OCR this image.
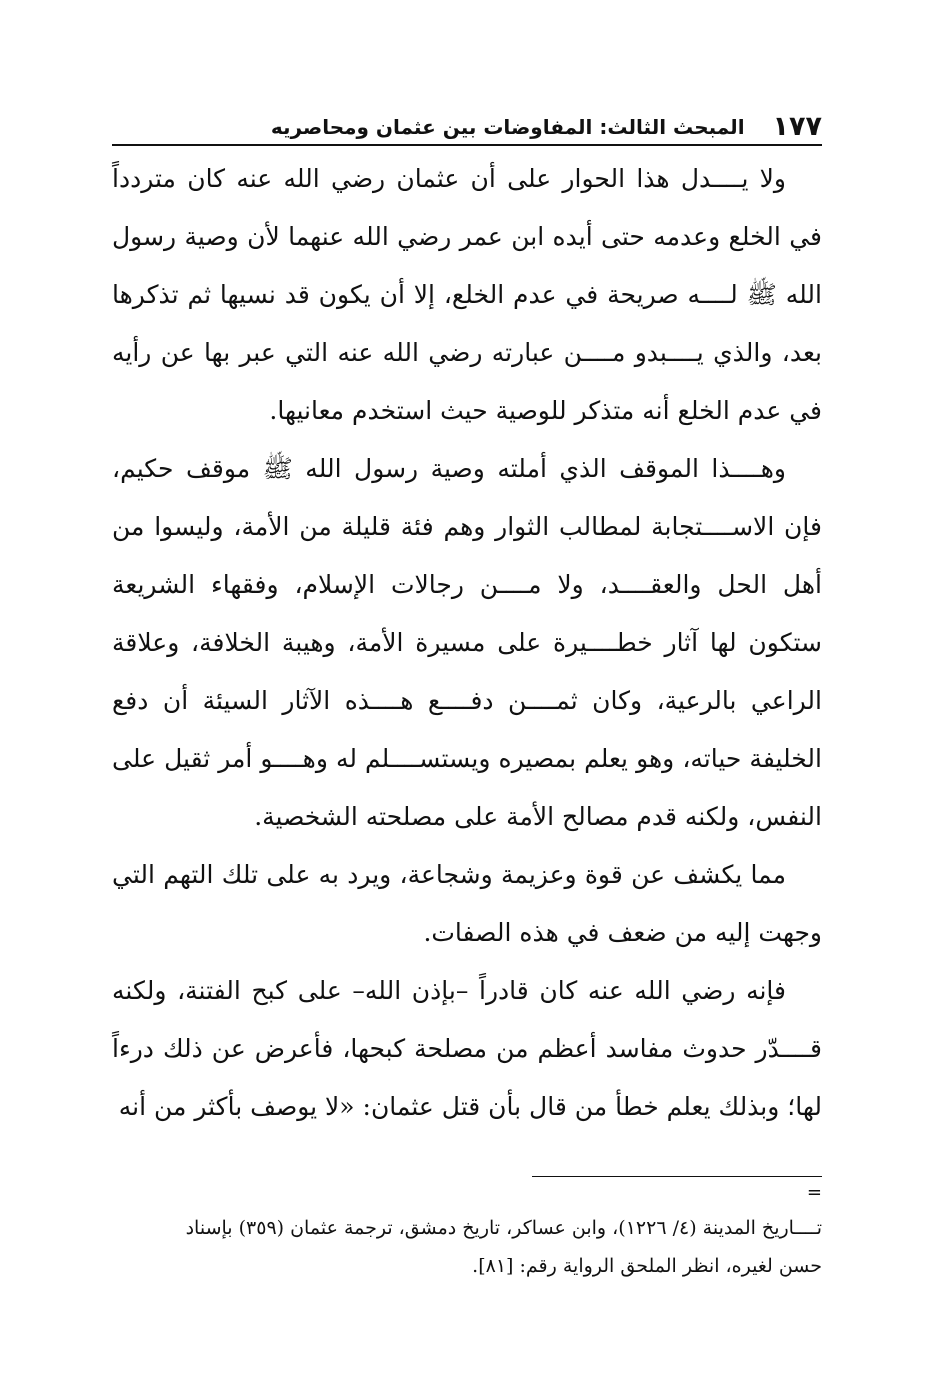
١٧٧
المبحث الثالث: المفاوضات بين عثمان ومحاصريه

ولا يــــدل هذا الحوار على أن عثمان رضي الله عنه كان متردداً في الخلع وعدمه حتى أيده ابن عمر رضي الله عنهما لأن وصية رسول الله ﷺ لــــه صريحة في عدم الخلع، إلا أن يكون قد نسيها ثم تذكرها بعد، والذي يــــبدو مــــن عبارته رضي الله عنه التي عبر بها عن رأيه في عدم الخلع أنه متذكر للوصية حيث استخدم معانيها.

وهــــذا الموقف الذي أملته وصية رسول الله ﷺ موقف حكيم، فإن الاســــتجابة لمطالب الثوار وهم فئة قليلة من الأمة، وليسوا من أهل الحل والعقــــد، ولا مــــن رجالات الإسلام، وفقهاء الشريعة ستكون لها آثار خطــــيرة على مسيرة الأمة، وهيبة الخلافة، وعلاقة الراعي بالرعية، وكان ثمــــن دفــــع هــــذه الآثار السيئة أن دفع الخليفة حياته، وهو يعلم بمصيره ويستســــلم له وهــــو أمر ثقيل على النفس، ولكنه قدم مصالح الأمة على مصلحته الشخصية.

مما يكشف عن قوة وعزيمة وشجاعة، ويرد به على تلك التهم التي وجهت إليه من ضعف في هذه الصفات.

فإنه رضي الله عنه كان قادراً –بإذن الله– على كبح الفتنة، ولكنه قــــدّر حدوث مفاسد أعظم من مصلحة كبحها، فأعرض عن ذلك درءاً لها؛ وبذلك يعلم خطأ من قال بأن قتل عثمان: «لا يوصف بأكثر من أنه

=

تــــاريخ المدينة (٤/ ١٢٢٦)، وابن عساكر، تاريخ دمشق، ترجمة عثمان (٣٥٩) بإسناد

حسن لغيره، انظر الملحق الرواية رقم: [٨١].
